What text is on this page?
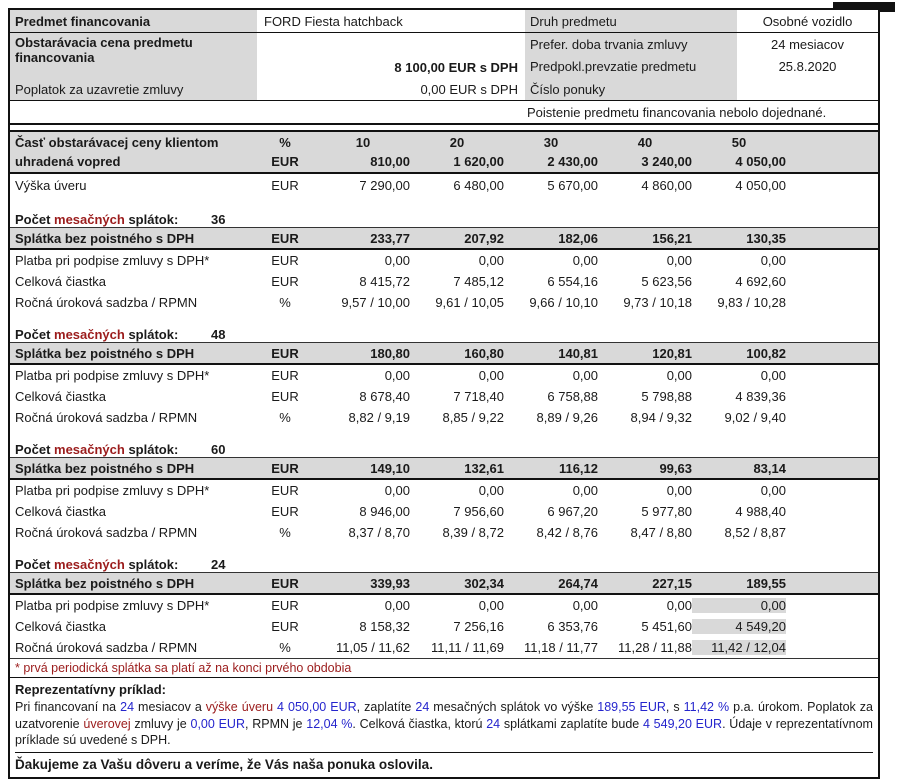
Predmet financovania	FORD Fiesta hatchback	Druh predmetu	Osobné vozidlo
Obstarávacia cena predmetu financovania
8 100,00 EUR s DPH
Prefer. doba trvania zmluvy	24 mesiacov
Predpokl.prevzatie predmetu	25.8.2020
Poplatok za uzavretie zmluvy	0,00 EUR s DPH Číslo ponuky
Poistenie predmetu financovania nebolo dojednané.
Časť obstarávacej ceny klientom	%	10	20	30	40	50
uhradená vopred	EUR	810,00	1 620,00	2 430,00	3 240,00	4 050,00
Výška úveru	EUR	7 290,00	6 480,00	5 670,00	4 860,00	4 050,00
Počet mesačných splátok:	36
Splátka bez poistného s DPH	EUR	233,77	207,92	182,06	156,21	130,35
Platba pri podpise zmluvy s DPH*	EUR	0,00	0,00	0,00	0,00	0,00
Celková čiastka	EUR	8 415,72	7 485,12	6 554,16	5 623,56	4 692,60
Ročná úroková sadzba / RPMN	%	9,57 / 10,00	9,61 / 10,05	9,66 / 10,10	9,73 / 10,18	9,83 / 10,28
Počet mesačných splátok:	48
Splátka bez poistného s DPH	EUR	180,80	160,80	140,81	120,81	100,82
Platba pri podpise zmluvy s DPH*	EUR	0,00	0,00	0,00	0,00	0,00
Celková čiastka	EUR	8 678,40	7 718,40	6 758,88	5 798,88	4 839,36
Ročná úroková sadzba / RPMN	%	8,82 / 9,19	8,85 / 9,22	8,89 / 9,26	8,94 / 9,32	9,02 / 9,40
Počet mesačných splátok:	60
Splátka bez poistného s DPH	EUR	149,10	132,61	116,12	99,63	83,14
Platba pri podpise zmluvy s DPH*	EUR	0,00	0,00	0,00	0,00	0,00
Celková čiastka	EUR	8 946,00	7 956,60	6 967,20	5 977,80	4 988,40
Ročná úroková sadzba / RPMN	%	8,37 / 8,70	8,39 / 8,72	8,42 / 8,76	8,47 / 8,80	8,52 / 8,87
Počet mesačných splátok:	24
Splátka bez poistného s DPH	EUR	339,93	302,34	264,74	227,15	189,55
Platba pri podpise zmluvy s DPH*	EUR	0,00	0,00	0,00	0,00	0,00
Celková čiastka	EUR	8 158,32	7 256,16	6 353,76	5 451,60	4 549,20
Ročná úroková sadzba / RPMN	%	11,05 / 11,62	11,11 / 11,69	11,18 / 11,77	11,28 / 11,88	11,42 / 12,04
* prvá periodická splátka sa platí až na konci prvého obdobia
Reprezentatívny príklad:
Pri financovaní na 24 mesiacov a výške úveru 4 050,00 EUR, zaplatíte 24 mesačných splátok vo výške 189,55 EUR, s 11,42 % p.a. úrokom. Poplatok za uzatvorenie úverovej zmluvy je 0,00 EUR, RPMN je 12,04 %. Celková čiastka, ktorú 24 splátkami zaplatíte bude 4 549,20 EUR. Údaje v reprezentatívnom príklade sú uvedené s DPH.
Ďakujeme za Vašu dôveru a veríme, že Vás naša ponuka oslovila.
